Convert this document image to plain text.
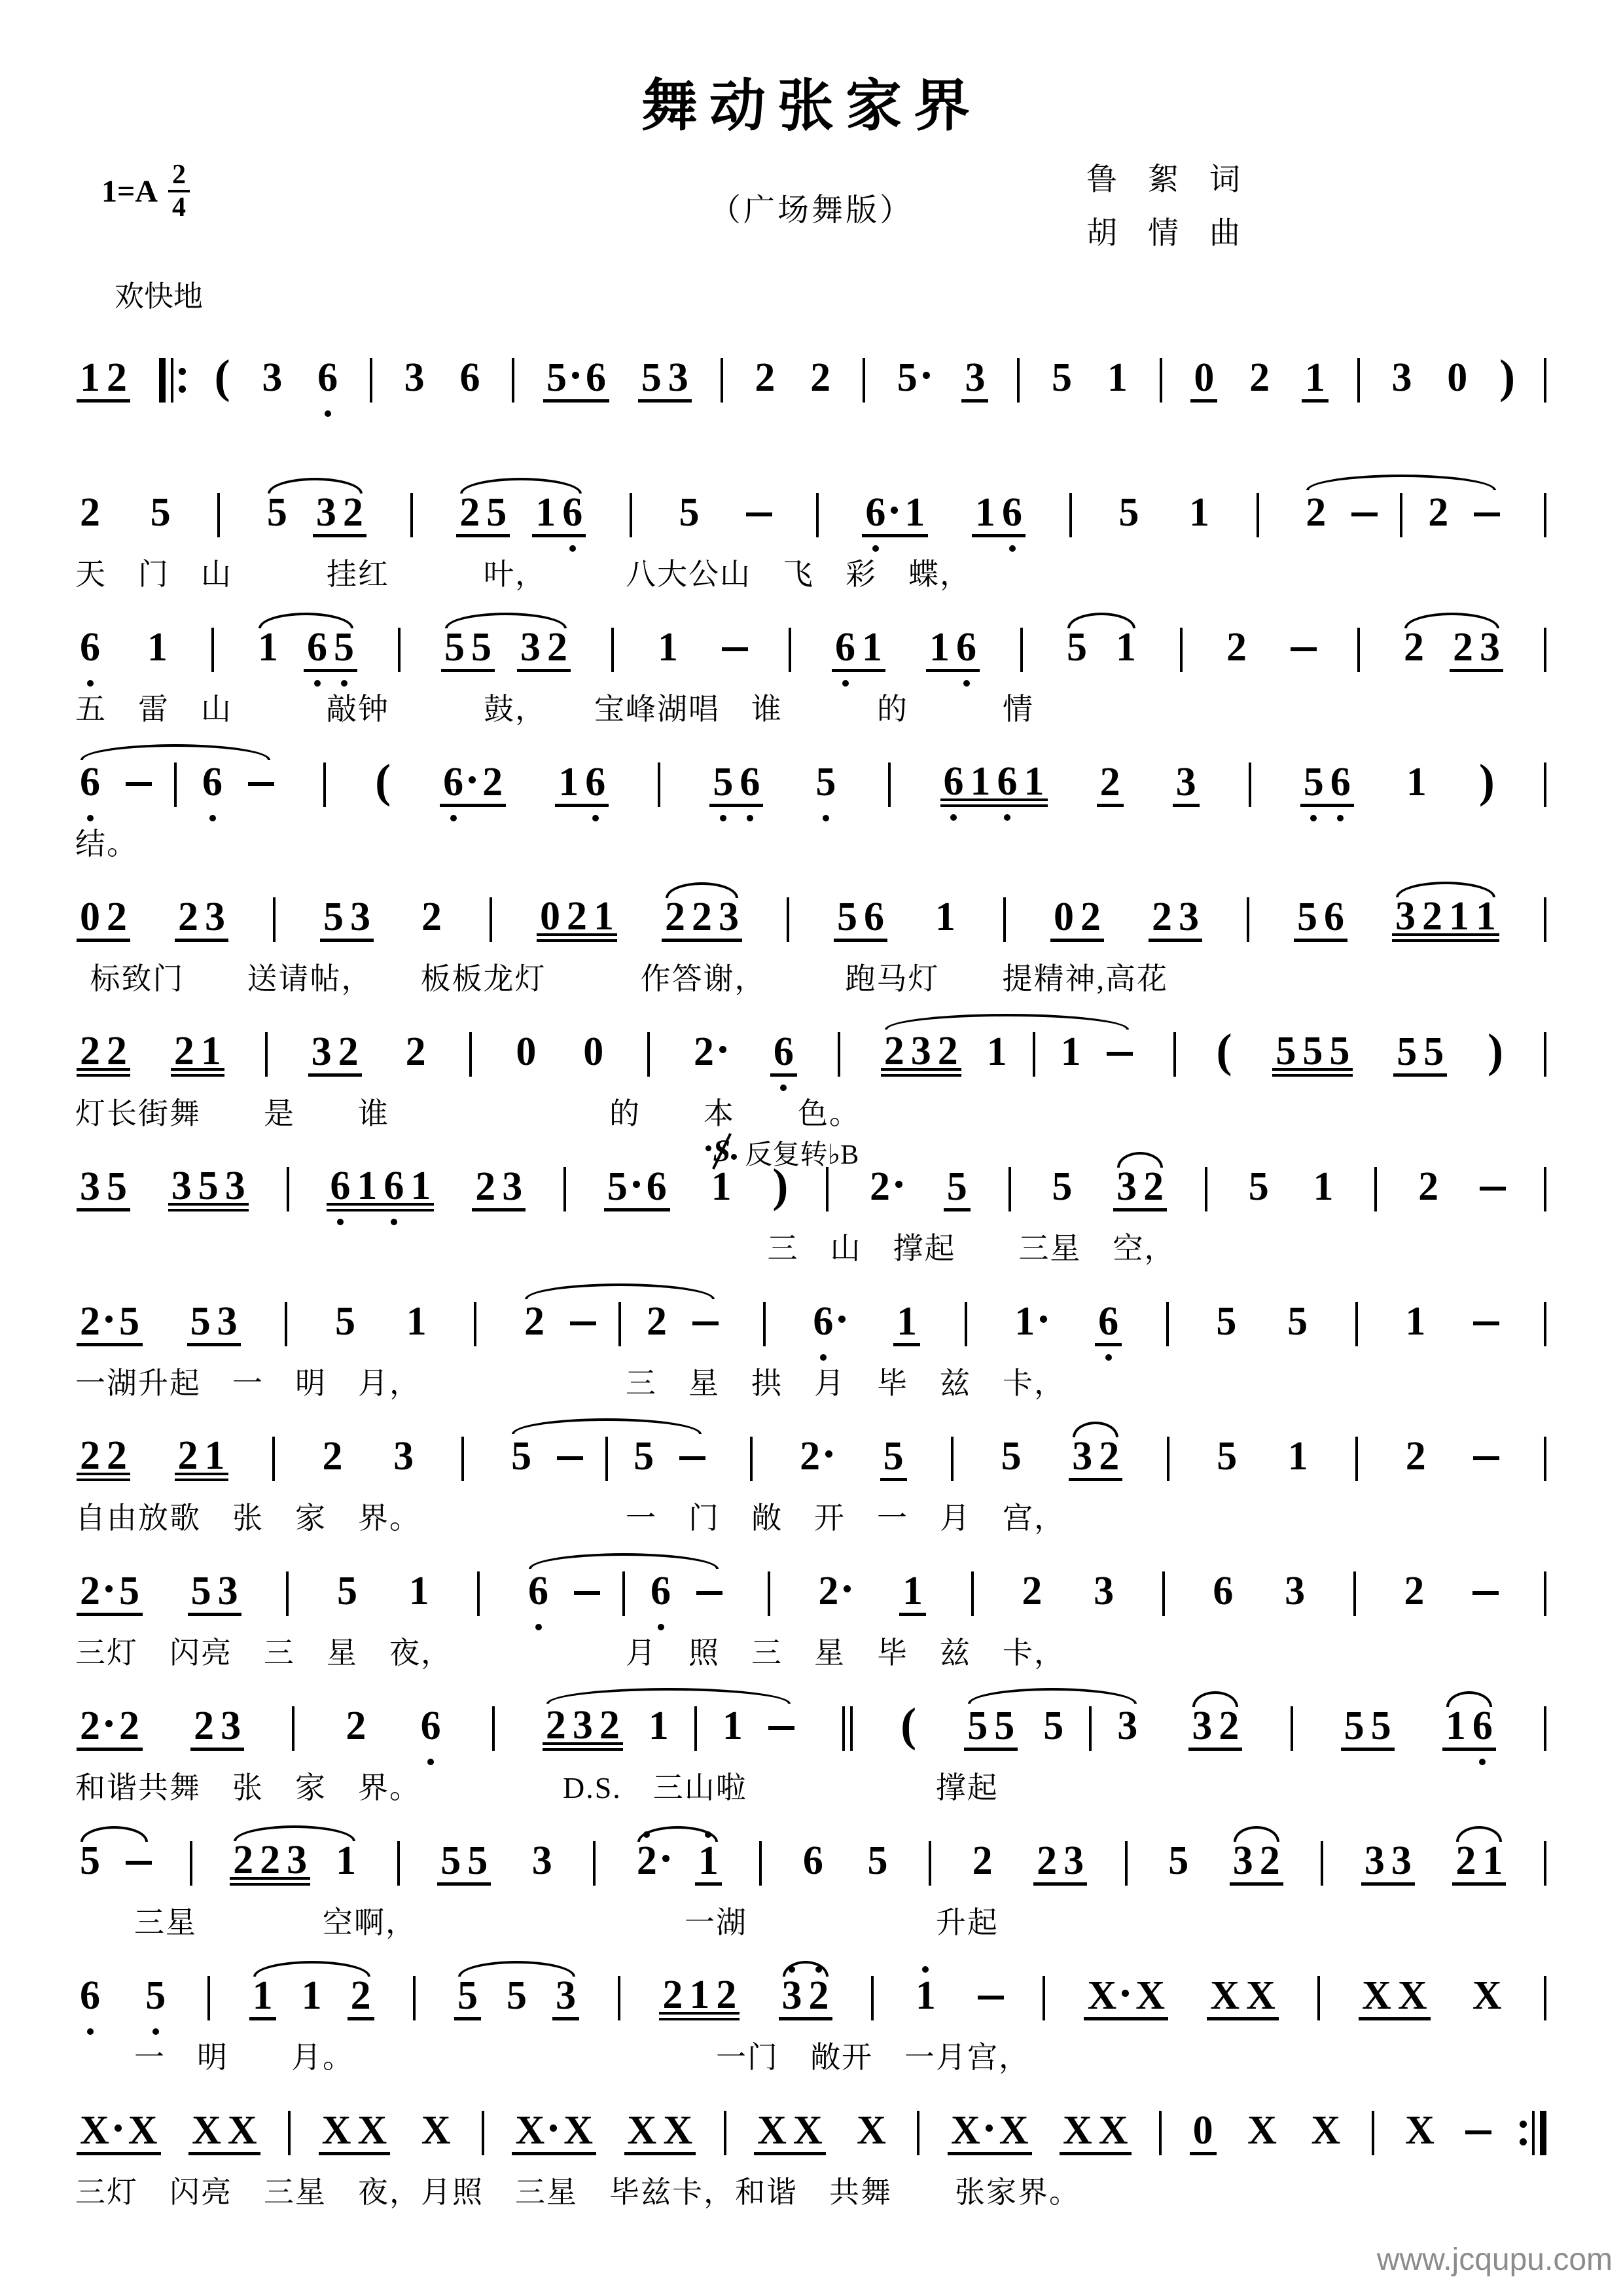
舞动张家界
$1=A \frac{2}{4}$	（广场舞版）
鲁　絮　词
胡　情　曲
欢快地
1 2 ( 3 6 3 6 5 6 5 3 2 2 5 3 5 1 0 2 1 3 0 )
2 5 5 3 2 2 5 1 6 5	6 1 1 6 5 1 2	2
天　门　山　　　挂红　　　叶，　　　八大公山　飞　彩　蝶，
6 1 1 6 5 5 5 3 2 1	6 1 1 6 5 1 2	2 2 3
五　雷　山　　　敲钟　　　鼓，　　宝峰湖唱　谁　　　的　　　情
6	6	( 6 2 1 6	5 6 5	6 1 6 1 2 3	5 6 1 )
结。
0 2 2 3 5 3 2 0 2 1 2 2 3 5 6 1 0 2 2 3 5 6 3 2 1 1
标致门　　送请帖，　　板板龙灯　　　作答谢，　　　跑马灯　　提精神,高花
2 2 2 1 3 2 2 0 0 2 6 2 3 2 1 1	( 5 5 5 5 5 )
灯长街舞　　是　　谁　　　　　　　的　　本　　色。
反复转♭B
3 5 3 5 3 6 1 6 1 2 3 5 6 1 ) 2 5 5 3 2 5 1 2
三　山　撑起　　三星　空，
2 5 5 3 5 1 2	2	6 1 1 6 5 5 1
一湖升起　一　明　月，　　　　　　　三　星　拱　月　毕　兹　卡，
2 2 2 1 2 3 5	5	2 5 5 3 2 5 1 2
自由放歌　张　家　界。　　　　　　　一　门　敞　开　一　月　宫，
2 5 5 3 5 1 6	6	2 1 2 3 6 3 2
三灯　闪亮　三　星　夜，　　　　　　月　照　三　星　毕　兹　卡，
2 2 2 3	2 6	2 3 2 1 1	( 5 5 5 3 3 2	5 5 1 6
和谐共舞　张　家　界。　　　　　D.S.　三山啦　　　　　　撑起
5	2 2 3 1 5 5 3 2 1 6 5 2 2 3 5 3 2 3 3 2 1
三星　　　　空啊，　　　　　　　　　一湖　　　　　　升起
6 5 1 1 2 5 5 3 2 1 2 3 2 1	X X X X X X X
一　明　　月。　　　　　　　　　　　　一门　敞开　一月宫，
X X X X X X X X X X X X X X X X X X 0 X X X
三灯　闪亮　三星　夜，月照　三星　毕兹卡，和谐　共舞　　张家界。
www.jcqupu.com
